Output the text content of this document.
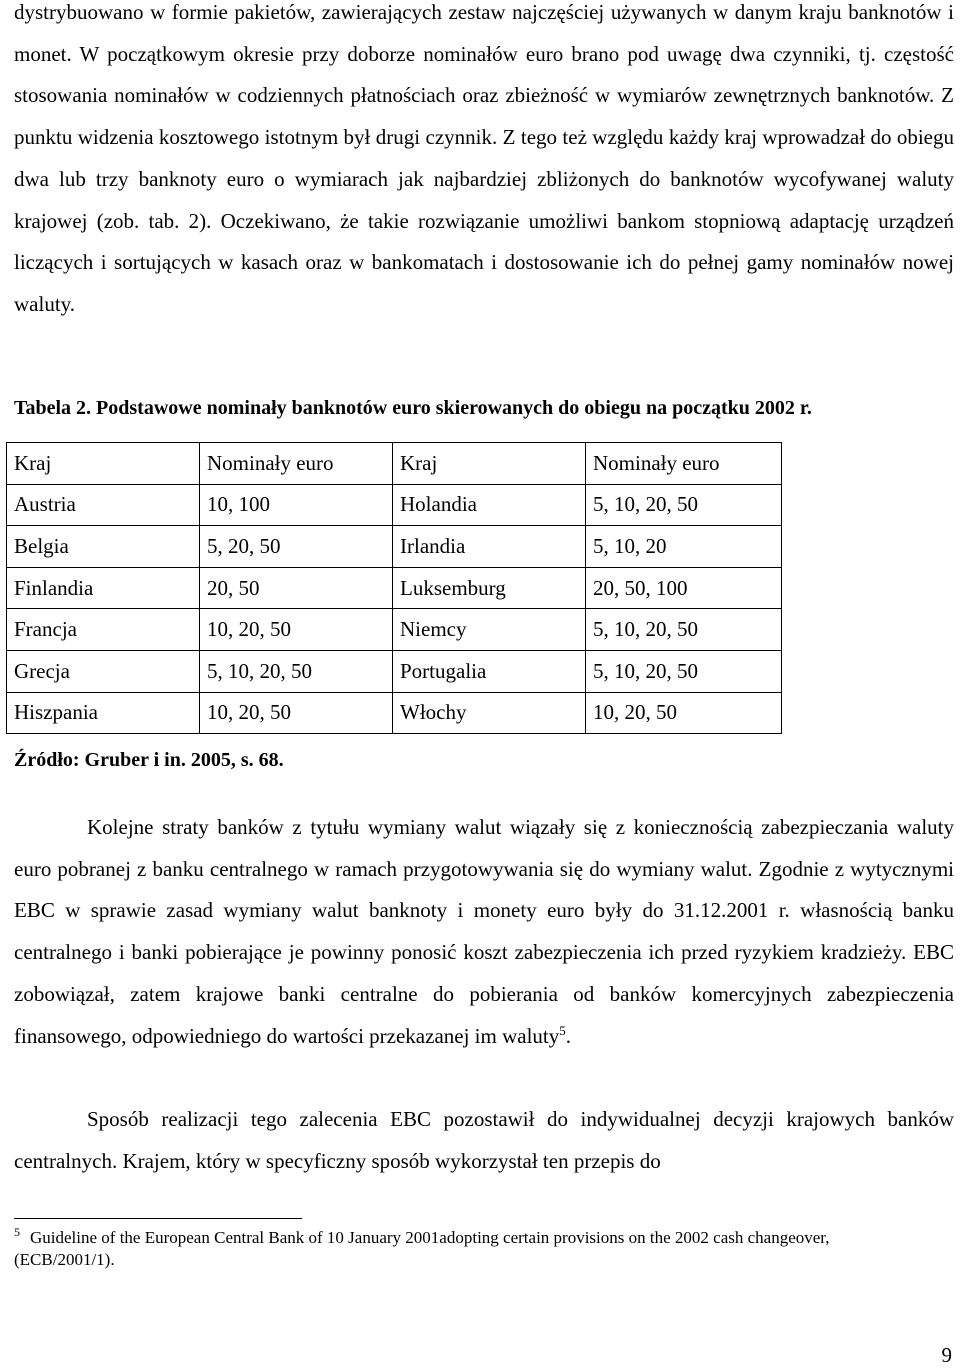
dystrybuowano w formie pakietów, zawierających zestaw najczęściej używanych w danym kraju banknotów i monet. W początkowym okresie przy doborze nominałów euro brano pod uwagę dwa czynniki, tj. częstość stosowania nominałów w codziennych płatnościach oraz zbieżność w wymiarów zewnętrznych banknotów. Z punktu widzenia kosztowego istotnym był drugi czynnik. Z tego też względu każdy kraj wprowadzał do obiegu dwa lub trzy banknoty euro o wymiarach jak najbardziej zbliżonych do banknotów wycofywanej waluty krajowej (zob. tab. 2). Oczekiwano, że takie rozwiązanie umożliwi bankom stopniową adaptację urządzeń liczących i sortujących w kasach oraz w bankomatach i dostosowanie ich do pełnej gamy nominałów nowej waluty.

Tabela 2. Podstawowe nominały banknotów euro skierowanych do obiegu na początku 2002 r.

Kraj	Nominały euro	Kraj	Nominały euro
Austria	10, 100	Holandia	5, 10, 20, 50
Belgia	5, 20, 50	Irlandia	5, 10, 20
Finlandia	20, 50	Luksemburg	20, 50, 100
Francja	10, 20, 50	Niemcy	5, 10, 20, 50
Grecja	5, 10, 20, 50	Portugalia	5, 10, 20, 50
Hiszpania	10, 20, 50	Włochy	10, 20, 50

Źródło: Gruber i in. 2005, s. 68.

Kolejne straty banków z tytułu wymiany walut wiązały się z koniecznością zabezpieczania waluty euro pobranej z banku centralnego w ramach przygotowywania się do wymiany walut. Zgodnie z wytycznymi EBC w sprawie zasad wymiany walut banknoty i monety euro były do 31.12.2001 r. własnością banku centralnego i banki pobierające je powinny ponosić koszt zabezpieczenia ich przed ryzykiem kradzieży. EBC zobowiązał, zatem krajowe banki centralne do pobierania od banków komercyjnych zabezpieczenia finansowego, odpowiedniego do wartości przekazanej im waluty$^5$.

Sposób realizacji tego zalecenia EBC pozostawił do indywidualnej decyzji krajowych banków centralnych. Krajem, który w specyficzny sposób wykorzystał ten przepis do

$^5$ Guideline of the European Central Bank of 10 January 2001adopting certain provisions on the 2002 cash changeover, (ECB/2001/1).

9
